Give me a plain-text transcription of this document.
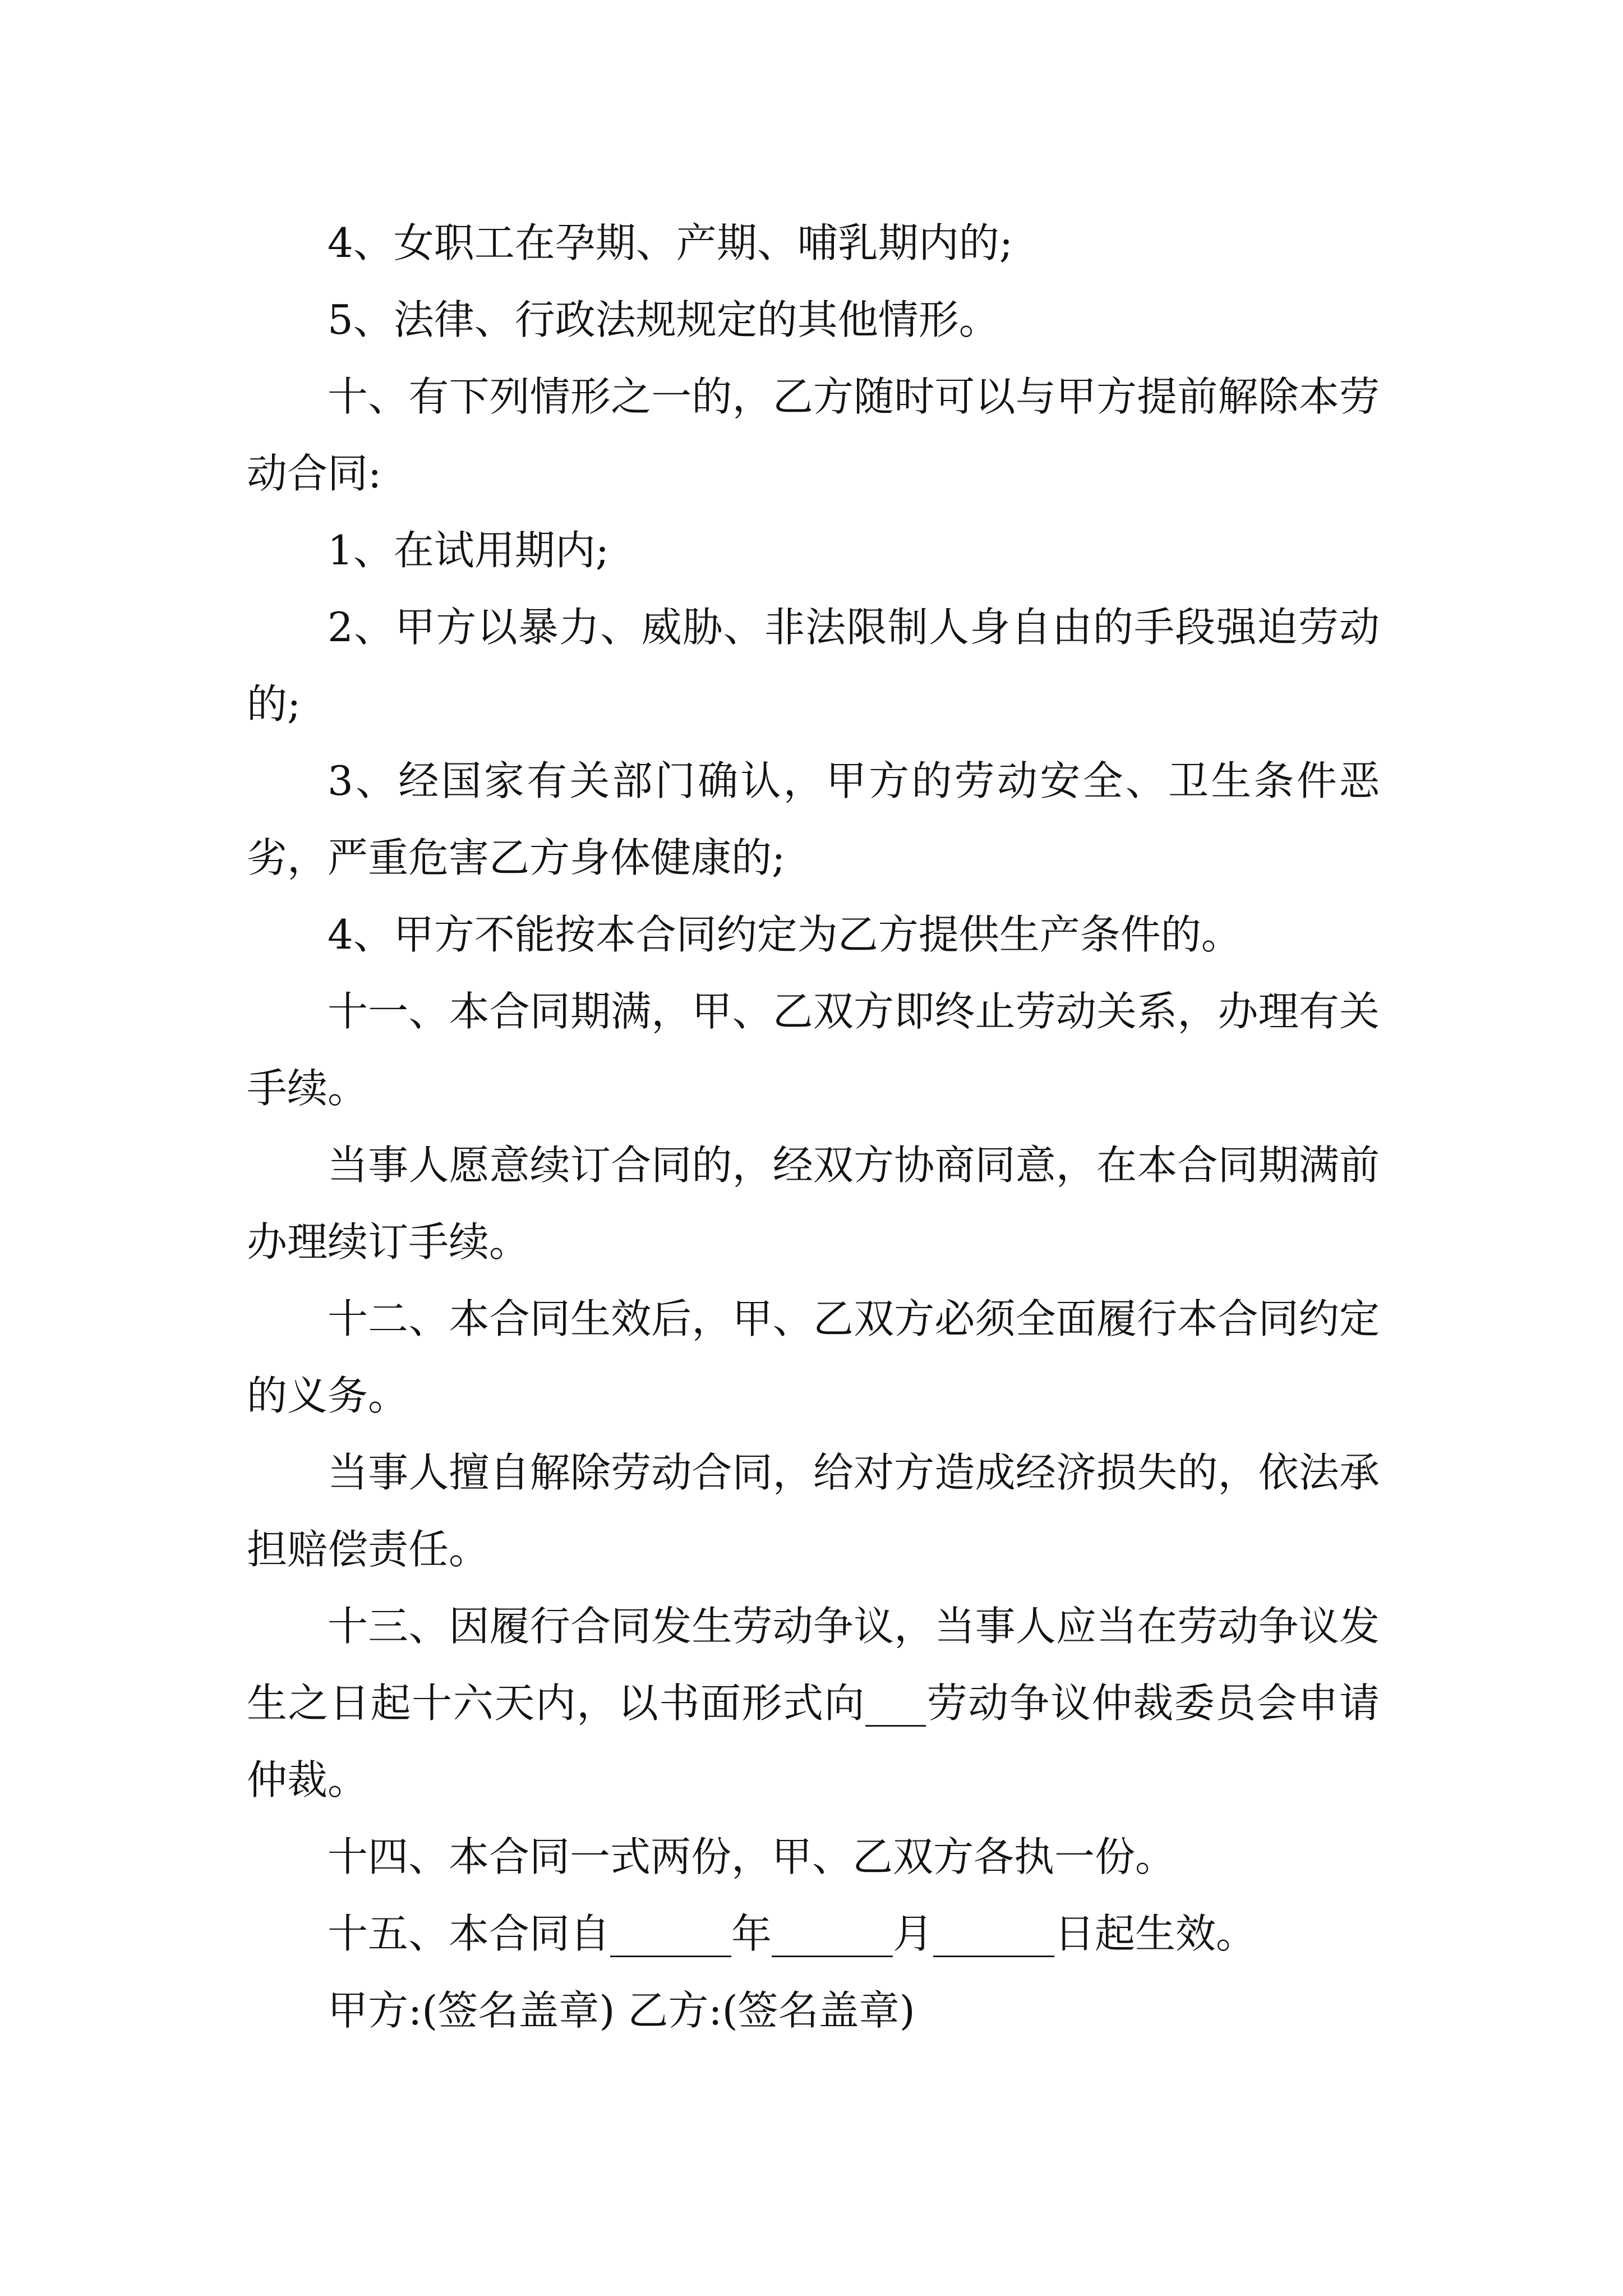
4、女职工在孕期、产期、哺乳期内的;

5、法律、行政法规规定的其他情形。

十、有下列情形之一的，乙方随时可以与甲方提前解除本劳动合同:

1、在试用期内;

2、甲方以暴力、威胁、非法限制人身自由的手段强迫劳动的;

3、经国家有关部门确认，甲方的劳动安全、卫生条件恶劣，严重危害乙方身体健康的;

4、甲方不能按本合同约定为乙方提供生产条件的。

十一、本合同期满，甲、乙双方即终止劳动关系，办理有关手续。

当事人愿意续订合同的，经双方协商同意，在本合同期满前办理续订手续。

十二、本合同生效后，甲、乙双方必须全面履行本合同约定的义务。

当事人擅自解除劳动合同，给对方造成经济损失的，依法承担赔偿责任。

十三、因履行合同发生劳动争议，当事人应当在劳动争议发生之日起十六天内，以书面形式向___劳动争议仲裁委员会申请仲裁。

十四、本合同一式两份，甲、乙双方各执一份。

十五、本合同自______年______月______日起生效。

甲方:(签名盖章) 乙方:(签名盖章)
